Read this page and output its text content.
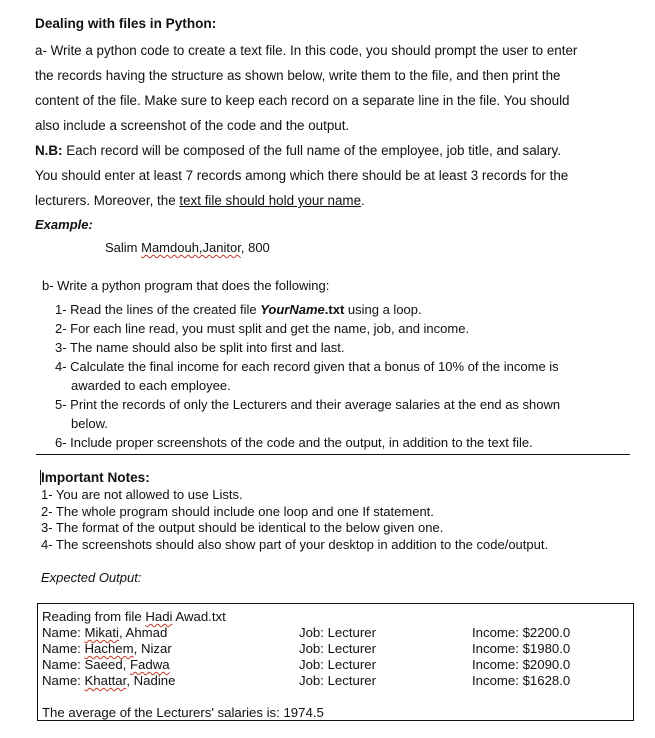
Dealing with files in Python:
a- Write a python code to create a text file. In this code, you should prompt the user to enter
the records having the structure as shown below, write them to the file, and then print the
content of the file. Make sure to keep each record on a separate line in the file. You should
also include a screenshot of the code and the output.
N.B: Each record will be composed of the full name of the employee, job title, and salary.
You should enter at least 7 records among which there should be at least 3 records for the
lecturers. Moreover, the text file should hold your name.
Example:
Salim Mamdouh,Janitor, 800
b- Write a python program that does the following:
1- Read the lines of the created file YourName.txt using a loop.
2- For each line read, you must split and get the name, job, and income.
3- The name should also be split into first and last.
4- Calculate the final income for each record given that a bonus of 10% of the income is
awarded to each employee.
5- Print the records of only the Lecturers and their average salaries at the end as shown
below.
6- Include proper screenshots of the code and the output, in addition to the text file.
Important Notes:
1- You are not allowed to use Lists.
2- The whole program should include one loop and one If statement.
3- The format of the output should be identical to the below given one.
4- The screenshots should also show part of your desktop in addition to the code/output.
Expected Output:
Reading from file Hadi Awad.txt
Name: Mikati, Ahmad	Job: Lecturer	Income: $2200.0
Name: Hachem, Nizar	Job: Lecturer	Income: $1980.0
Name: Saeed, Fadwa	Job: Lecturer	Income: $2090.0
Name: Khattar, Nadine	Job: Lecturer	Income: $1628.0
The average of the Lecturers' salaries is: 1974.5
